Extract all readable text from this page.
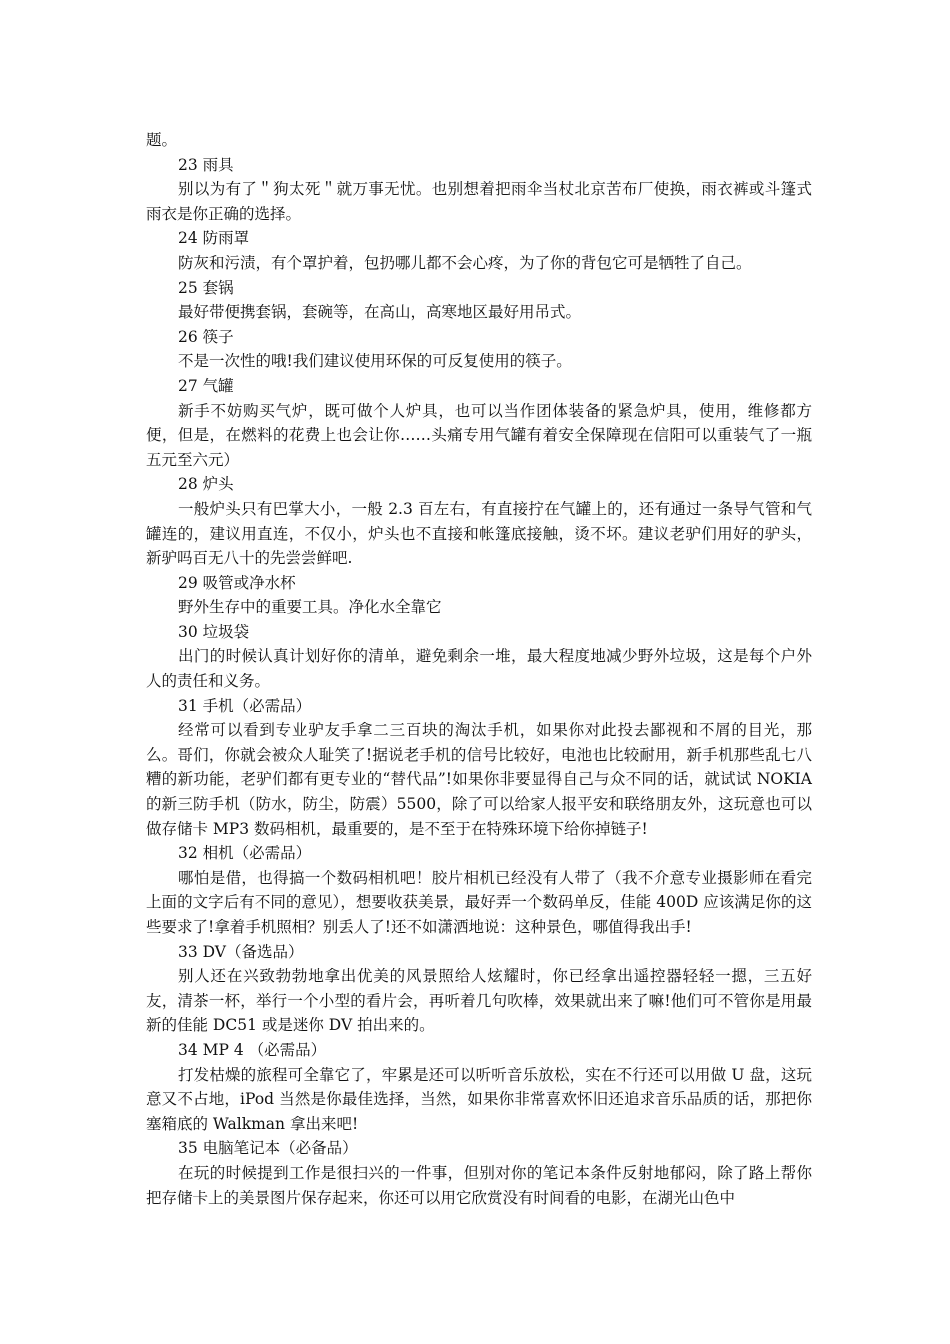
题。

23 雨具

别以为有了＂狗太死＂就万事无忧。也别想着把雨伞当杖北京苦布厂使换，雨衣裤或斗篷式雨衣是你正确的选择。

24 防雨罩

防灰和污渍，有个罩护着，包扔哪儿都不会心疼，为了你的背包它可是牺牲了自己。

25 套锅

最好带便携套锅，套碗等，在高山，高寒地区最好用吊式。

26 筷子

不是一次性的哦!我们建议使用环保的可反复使用的筷子。

27 气罐

新手不妨购买气炉，既可做个人炉具，也可以当作团体装备的紧急炉具，使用，维修都方便，但是，在燃料的花费上也会让你……头痛专用气罐有着安全保障现在信阳可以重装气了一瓶五元至六元）

28 炉头

一般炉头只有巴掌大小，一般 2.3 百左右，有直接拧在气罐上的，还有通过一条导气管和气罐连的，建议用直连，不仅小，炉头也不直接和帐篷底接触，烫不坏。建议老驴们用好的驴头，新驴吗百无八十的先尝尝鲜吧.

29 吸管或净水杯

野外生存中的重要工具。净化水全靠它

30 垃圾袋

出门的时候认真计划好你的清单，避免剩余一堆，最大程度地减少野外垃圾，这是每个户外人的责任和义务。

31 手机（必需品）

经常可以看到专业驴友手拿二三百块的淘汰手机，如果你对此投去鄙视和不屑的目光，那么。哥们，你就会被众人耻笑了!据说老手机的信号比较好，电池也比较耐用，新手机那些乱七八糟的新功能，老驴们都有更专业的“替代品”!如果你非要显得自己与众不同的话，就试试 NOKIA 的新三防手机（防水，防尘，防震）5500，除了可以给家人报平安和联络朋友外，这玩意也可以做存储卡 MP3 数码相机，最重要的，是不至于在特殊环境下给你掉链子!

32 相机（必需品）

哪怕是借，也得搞一个数码相机吧！胶片相机已经没有人带了（我不介意专业摄影师在看完上面的文字后有不同的意见），想要收获美景，最好弄一个数码单反，佳能 400D 应该满足你的这些要求了!拿着手机照相？别丢人了!还不如潇洒地说：这种景色，哪值得我出手!

33 DV（备选品）

别人还在兴致勃勃地拿出优美的风景照给人炫耀时，你已经拿出遥控器轻轻一摁，三五好友，清茶一杯，举行一个小型的看片会，再听着几句吹棒，效果就出来了嘛!他们可不管你是用最新的佳能 DC51 或是迷你 DV 拍出来的。

34 MP 4 （必需品）

打发枯燥的旅程可全靠它了，牢累是还可以听听音乐放松，实在不行还可以用做 U 盘，这玩意又不占地，iPod 当然是你最佳选择，当然，如果你非常喜欢怀旧还追求音乐品质的话，那把你塞箱底的 Walkman 拿出来吧!

35 电脑笔记本（必备品）

在玩的时候提到工作是很扫兴的一件事，但别对你的笔记本条件反射地郁闷，除了路上帮你把存储卡上的美景图片保存起来，你还可以用它欣赏没有时间看的电影，在湖光山色中
